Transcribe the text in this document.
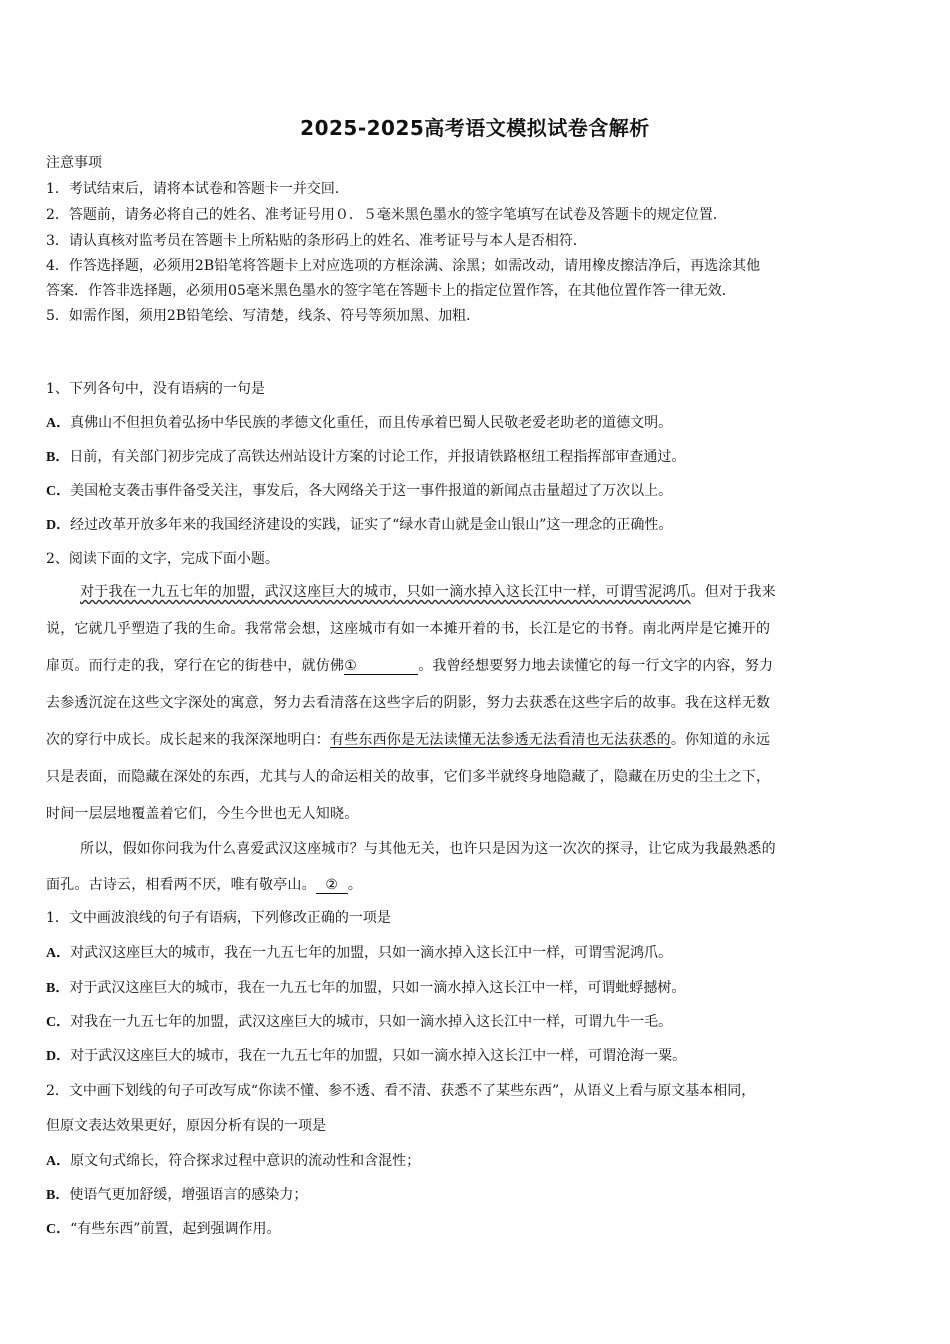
2025-2025高考语文模拟试卷含解析
注意事项
1．考试结束后，请将本试卷和答题卡一并交回．
2．答题前，请务必将自己的姓名、准考证号用０．５毫米黑色墨水的签字笔填写在试卷及答题卡的规定位置．
3．请认真核对监考员在答题卡上所粘贴的条形码上的姓名、准考证号与本人是否相符．
4．作答选择题，必须用2B铅笔将答题卡上对应选项的方框涂满、涂黑；如需改动，请用橡皮擦洁净后，再选涂其他
答案．作答非选择题，必须用05毫米黑色墨水的签字笔在答题卡上的指定位置作答，在其他位置作答一律无效．
5．如需作图，须用2B铅笔绘、写清楚，线条、符号等须加黑、加粗．
1、下列各句中，没有语病的一句是
A．真佛山不但担负着弘扬中华民族的孝德文化重任，而且传承着巴蜀人民敬老爱老助老的道德文明。
B．日前，有关部门初步完成了高铁达州站设计方案的讨论工作，并报请铁路枢纽工程指挥部审查通过。
C．美国枪支袭击事件备受关注，事发后，各大网络关于这一事件报道的新闻点击量超过了万次以上。
D．经过改革开放多年来的我国经济建设的实践，证实了“绿水青山就是金山银山”这一理念的正确性。
2、阅读下面的文字，完成下面小题。
对于我在一九五七年的加盟，武汉这座巨大的城市，只如一滴水掉入这长江中一样，可谓雪泥鸿爪。但对于我来
说，它就几乎塑造了我的生命。我常常会想，这座城市有如一本摊开着的书，长江是它的书脊。南北两岸是它摊开的
扉页。而行走的我，穿行在它的街巷中，就仿佛①	。我曾经想要努力地去读懂它的每一行文字的内容，努力
去参透沉淀在这些文字深处的寓意，努力去看清落在这些字后的阴影，努力去获悉在这些字后的故事。我在这样无数
次的穿行中成长。成长起来的我深深地明白：有些东西你是无法读懂无法参透无法看清也无法获悉的。你知道的永远
只是表面，而隐藏在深处的东西，尤其与人的命运相关的故事，它们多半就终身地隐藏了，隐藏在历史的尘土之下，
时间一层层地覆盖着它们，今生今世也无人知晓。
所以，假如你问我为什么喜爱武汉这座城市？与其他无关，也许只是因为这一次次的探寻，让它成为我最熟悉的
面孔。古诗云，相看两不厌，唯有敬亭山。 ② 。
1．文中画波浪线的句子有语病，下列修改正确的一项是
A．对武汉这座巨大的城市，我在一九五七年的加盟，只如一滴水掉入这长江中一样，可谓雪泥鸿爪。
B．对于武汉这座巨大的城市，我在一九五七年的加盟，只如一滴水掉入这长江中一样，可谓蚍蜉撼树。
C．对我在一九五七年的加盟，武汉这座巨大的城市，只如一滴水掉入这长江中一样，可谓九牛一毛。
D．对于武汉这座巨大的城市，我在一九五七年的加盟，只如一滴水掉入这长江中一样，可谓沧海一粟。
2．文中画下划线的句子可改写成“你读不懂、参不透、看不清、获悉不了某些东西”，从语义上看与原文基本相同，
但原文表达效果更好，原因分析有误的一项是
A．原文句式绵长，符合探求过程中意识的流动性和含混性；
B．使语气更加舒缓，增强语言的感染力；
C．“有些东西”前置，起到强调作用。
